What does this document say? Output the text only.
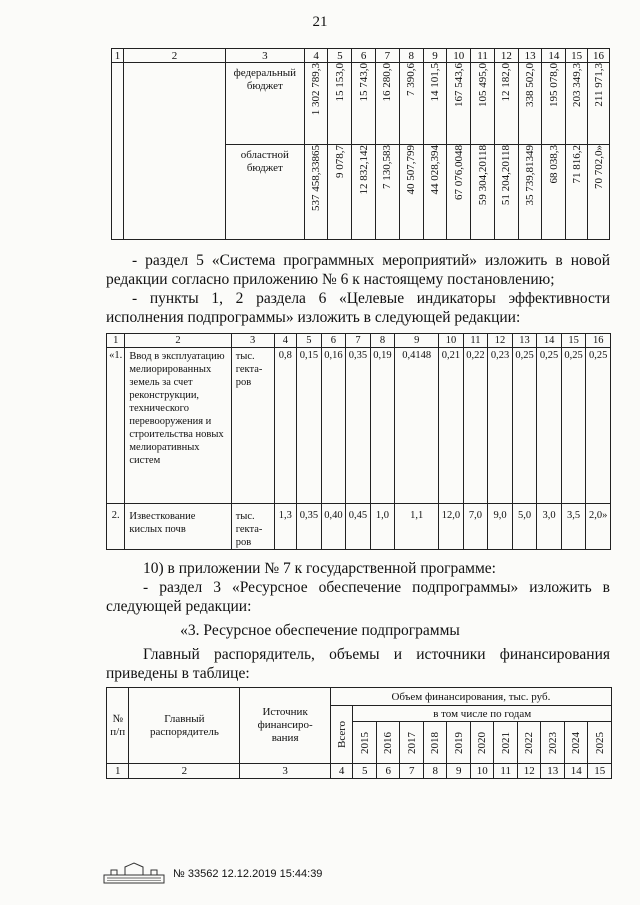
21
1	2	3	4	5	6	7	8	9	10	11	12	13	14	15	16
		федеральный бюджет	1 302 789,3	15 153,0	15 743,0	16 280,0	7 390,6	14 101,5	167 543,6	105 495,0	12 182,0	338 502,0	195 078,0	203 349,3	211 971,3

		областной бюджет	537 458,33865	9 078,7	12 832,142	7 130,583	40 507,799	44 028,394	67 076,0048	59 304,20118	51 204,20118	35 739,81349	68 038,3	71 816,2	70 702,0»
- раздел 5 «Система программных мероприятий» изложить в новой
редакции согласно приложению № 6 к настоящему постановлению;
- пункты 1, 2 раздела 6 «Целевые индикаторы эффективности
исполнения подпрограммы» изложить в следующей редакции:
1	2	3	4	5	6	7	8	9	10	11	12	13	14	15	16
«1.	Ввод в эксплуатацию мелиорированных земель за счет реконструкции, технического перевооружения и строительства новых мелиоративных систем	тыс. гекта-ров	0,8	0,15	0,16	0,35	0,19	0,4148	0,21	0,22	0,23	0,25	0,25	0,25	0,25
2.	Известкование кислых почв	тыс. гекта-ров	1,3	0,35	0,40	0,45	1,0	1,1	12,0	7,0	9,0	5,0	3,0	3,5	2,0»
10) в приложении № 7 к государственной программе:
- раздел 3 «Ресурсное обеспечение подпрограммы» изложить в
следующей редакции:
«3. Ресурсное обеспечение подпрограммы
Главный распорядитель, объемы и источники финансирования
приведены в таблице:
№ п/п	Главный распорядитель	Источник финансиро-вания	Объем финансирования, тыс. руб.											

			Всего	в том числе по годам										

				2015	2016	2017	2018	2019	2020	2021	2022	2023	2024	2025

1	2	3	4	5	6	7	8	9	10	11	12	13	14	15
№ 33562 12.12.2019 15:44:39
